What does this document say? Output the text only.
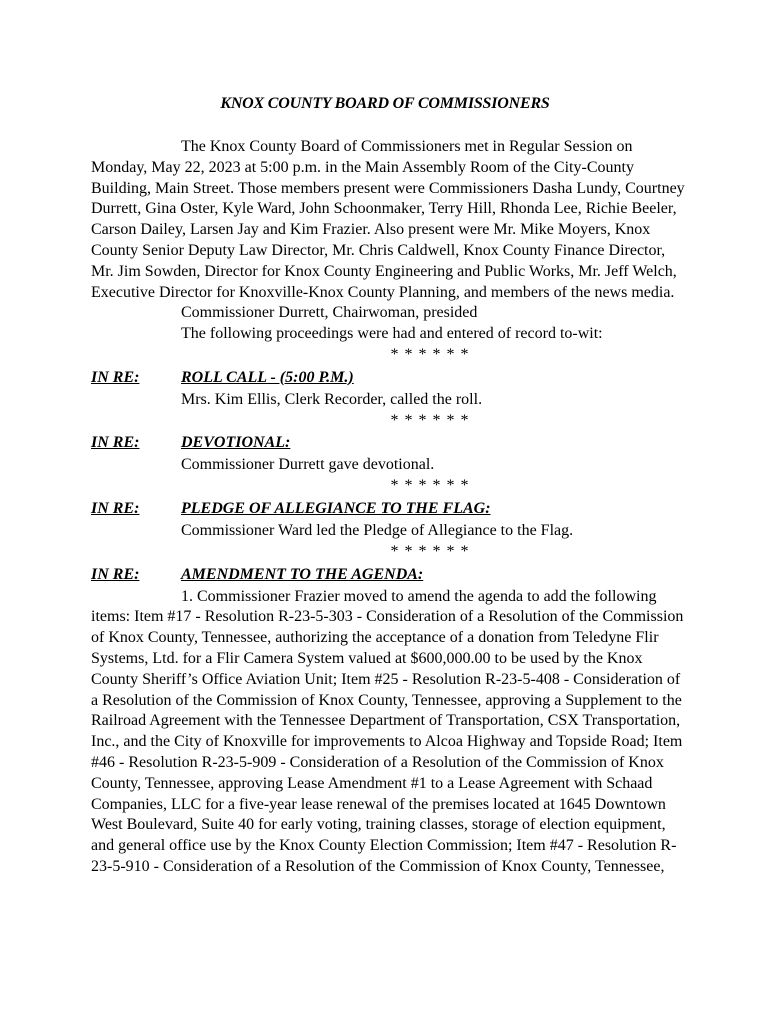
KNOX COUNTY BOARD OF COMMISSIONERS

The Knox County Board of Commissioners met in Regular Session on Monday, May 22, 2023 at 5:00 p.m. in the Main Assembly Room of the City-County Building, Main Street. Those members present were Commissioners Dasha Lundy, Courtney Durrett, Gina Oster, Kyle Ward, John Schoonmaker, Terry Hill, Rhonda Lee, Richie Beeler, Carson Dailey, Larsen Jay and Kim Frazier. Also present were Mr. Mike Moyers, Knox County Senior Deputy Law Director, Mr. Chris Caldwell, Knox County Finance Director, Mr. Jim Sowden, Director for Knox County Engineering and Public Works, Mr. Jeff Welch, Executive Director for Knoxville-Knox County Planning, and members of the news media.

Commissioner Durrett, Chairwoman, presided

The following proceedings were had and entered of record to-wit:

* * * * * *

IN RE:	ROLL CALL - (5:00 P.M.)

Mrs. Kim Ellis, Clerk Recorder, called the roll.

* * * * * *

IN RE:	DEVOTIONAL:

Commissioner Durrett gave devotional.

* * * * * *

IN RE:	PLEDGE OF ALLEGIANCE TO THE FLAG:

Commissioner Ward led the Pledge of Allegiance to the Flag.

* * * * * *

IN RE:	AMENDMENT TO THE AGENDA:

1. Commissioner Frazier moved to amend the agenda to add the following items: Item #17 - Resolution R-23-5-303 - Consideration of a Resolution of the Commission of Knox County, Tennessee, authorizing the acceptance of a donation from Teledyne Flir Systems, Ltd. for a Flir Camera System valued at $600,000.00 to be used by the Knox County Sheriff’s Office Aviation Unit; Item #25 - Resolution R-23-5-408 - Consideration of a Resolution of the Commission of Knox County, Tennessee, approving a Supplement to the Railroad Agreement with the Tennessee Department of Transportation, CSX Transportation, Inc., and the City of Knoxville for improvements to Alcoa Highway and Topside Road; Item #46 - Resolution R-23-5-909 - Consideration of a Resolution of the Commission of Knox County, Tennessee, approving Lease Amendment #1 to a Lease Agreement with Schaad Companies, LLC for a five-year lease renewal of the premises located at 1645 Downtown West Boulevard, Suite 40 for early voting, training classes, storage of election equipment, and general office use by the Knox County Election Commission; Item #47 - Resolution R-23-5-910 - Consideration of a Resolution of the Commission of Knox County, Tennessee,
